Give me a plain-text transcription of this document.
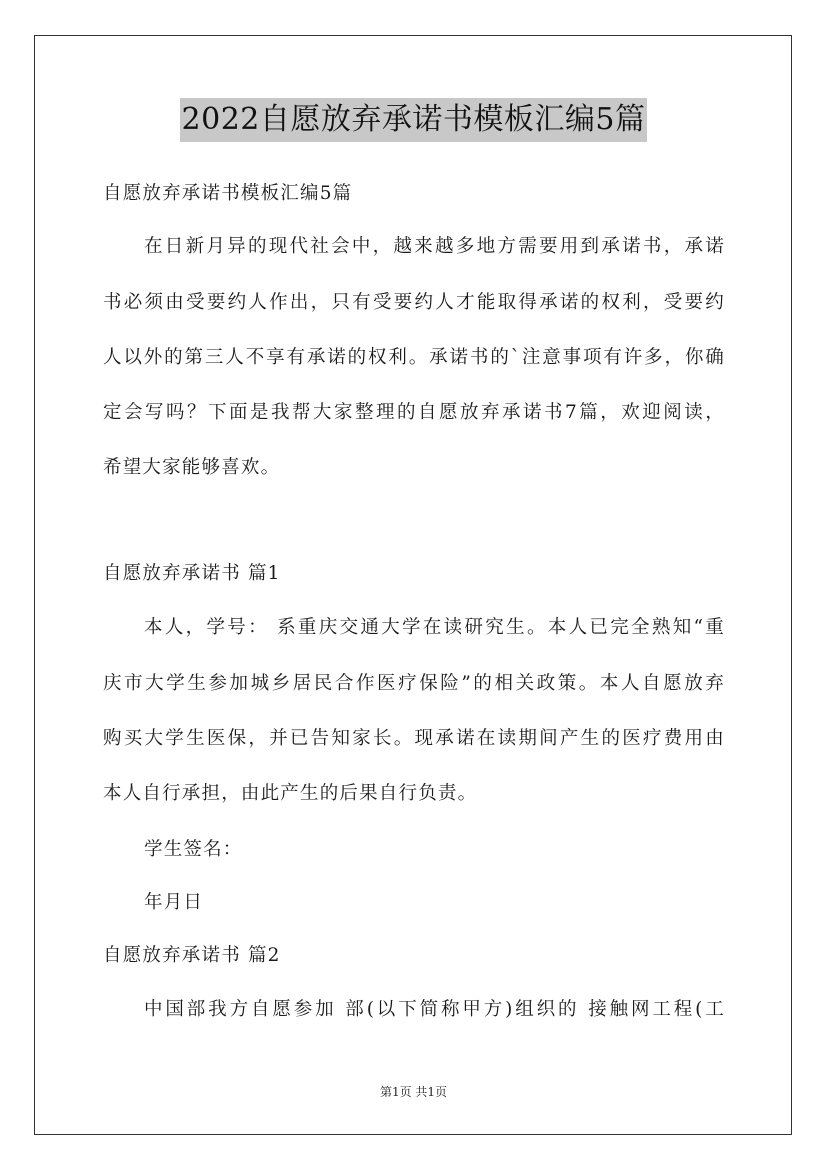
2022自愿放弃承诺书模板汇编5篇
自愿放弃承诺书模板汇编5篇
在日新月异的现代社会中，越来越多地方需要用到承诺书，承诺
书必须由受要约人作出，只有受要约人才能取得承诺的权利，受要约
人以外的第三人不享有承诺的权利。承诺书的`注意事项有许多，你确
定会写吗？下面是我帮大家整理的自愿放弃承诺书7篇，欢迎阅读，
希望大家能够喜欢。
自愿放弃承诺书 篇1
本人，学号： 系重庆交通大学在读研究生。本人已完全熟知“重
庆市大学生参加城乡居民合作医疗保险”的相关政策。本人自愿放弃
购买大学生医保，并已告知家长。现承诺在读期间产生的医疗费用由
本人自行承担，由此产生的后果自行负责。
学生签名：
年月日
自愿放弃承诺书 篇2
中国部我方自愿参加 部(以下简称甲方)组织的 接触网工程(工
第1页 共1页
